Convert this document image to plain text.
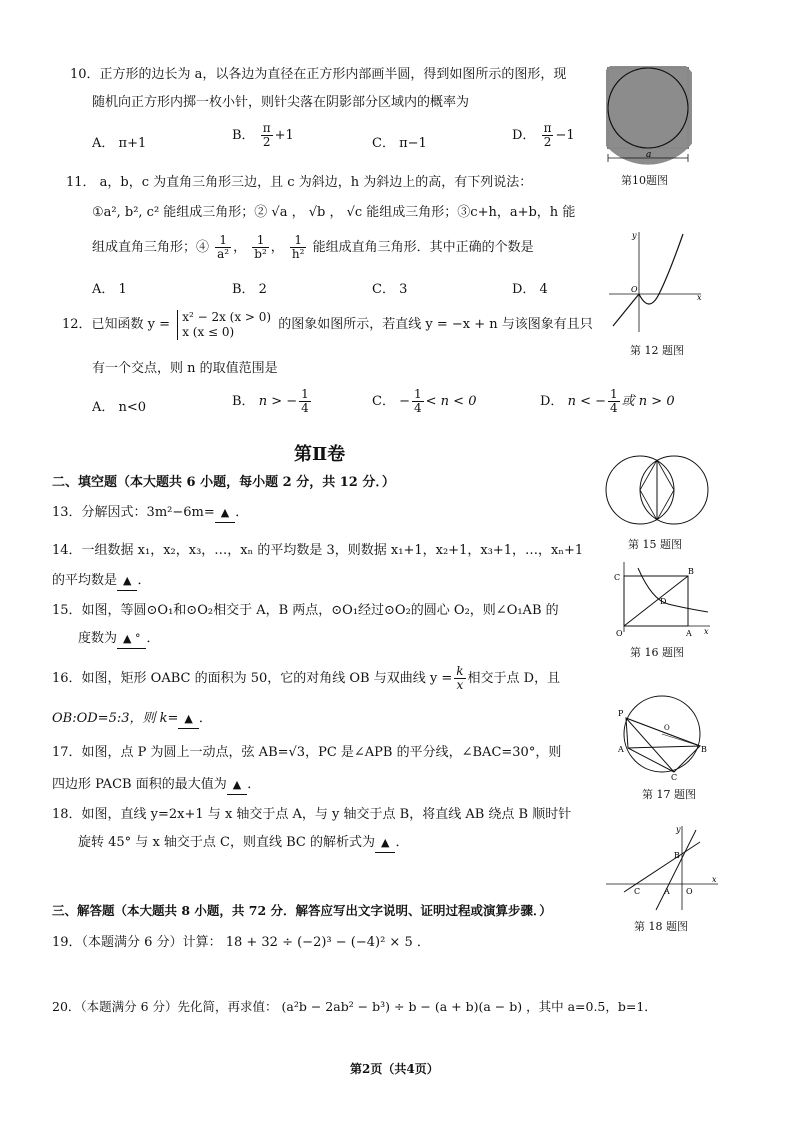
10．正方形的边长为 a，以各边为直径在正方形内部画半圆，得到如图所示的图形，现
随机向正方形内掷一枚小针，则针尖落在阴影部分区域内的概率为
A． π+1
B． $\frac{\pi}{2} +1$
C． π−1
D． $\frac{\pi}{2} -1$
a
第10题图
11． a，b，c 为直角三角形三边，且 c 为斜边，h 为斜边上的高，有下列说法：
①a², b², c² 能组成三角形；② √a ， √b ， √c 能组成三角形；③c+h，a+b，h 能
组成直角三角形；④ $\frac{1}{\text{a²}}$ ， $\frac{1}{\text{b²}}$ ， $\frac{1}{\text{h²}}$ 能组成直角三角形．其中正确的个数是
A． 1	B． 2	C． 3	D． 4
y
x
O
第 12 题图
12．已知函数 y =
x² − 2x (x > 0)
x (x ≤ 0)	的图象如图所示，若直线 y = −x + n 与该图象有且只
有一个交点，则 n 的取值范围是
A． n<0	B． n > − $\frac{1}{4}$	C． − $\frac{1}{4} < n < 0$	D． n < − $\frac{1}{4}$ 或 n > 0
第Ⅱ卷
二、填空题（本大题共 6 小题，每小题 2 分，共 12 分．）
第 15 题图
13．分解因式：3m²−6m= ▲ ．
14．一组数据 x₁，x₂，x₃，…，xₙ 的平均数是 3，则数据 x₁+1，x₂+1，x₃+1，…，xₙ+1
的平均数是 ▲ ．	C
B
D
O	A x
第 16 题图
15．如图，等圆⊙O₁和⊙O₂相交于 A，B 两点，⊙O₁经过⊙O₂的圆心 O₂，则∠O₁AB 的
度数为 ▲ ° ．
16．如图，矩形 OABC 的面积为 50，它的对角线 OB 与双曲线 $y = \frac{k}{x}$ 相交于点 D，且
OB:OD=5:3，则 k= ▲ ．	P
A	B
C
O
第 17 题图
17．如图，点 P 为圆上一动点，弦 AB=√3，PC 是∠APB 的平分线，∠BAC=30°，则
四边形 PACB 面积的最大值为 ▲ ．
18．如图，直线 y=2x+1 与 x 轴交于点 A，与 y 轴交于点 B，将直线 AB 绕点 B 顺时针
旋转 45° 与 x 轴交于点 C，则直线 BC 的解析式为 ▲ ．
y
B
C	A O
x
第 18 题图
三、解答题（本大题共 8 小题，共 72 分．解答应写出文字说明、证明过程或演算步骤．）
19．（本题满分 6 分）计算： 18 + 32 ÷ (−2)³ − (−4)² × 5 ．
20．（本题满分 6 分）先化简，再求值： (a²b − 2ab² − b³) ÷ b − (a + b)(a − b) ，其中 a=0.5，b=1．
第2页（共4页）
